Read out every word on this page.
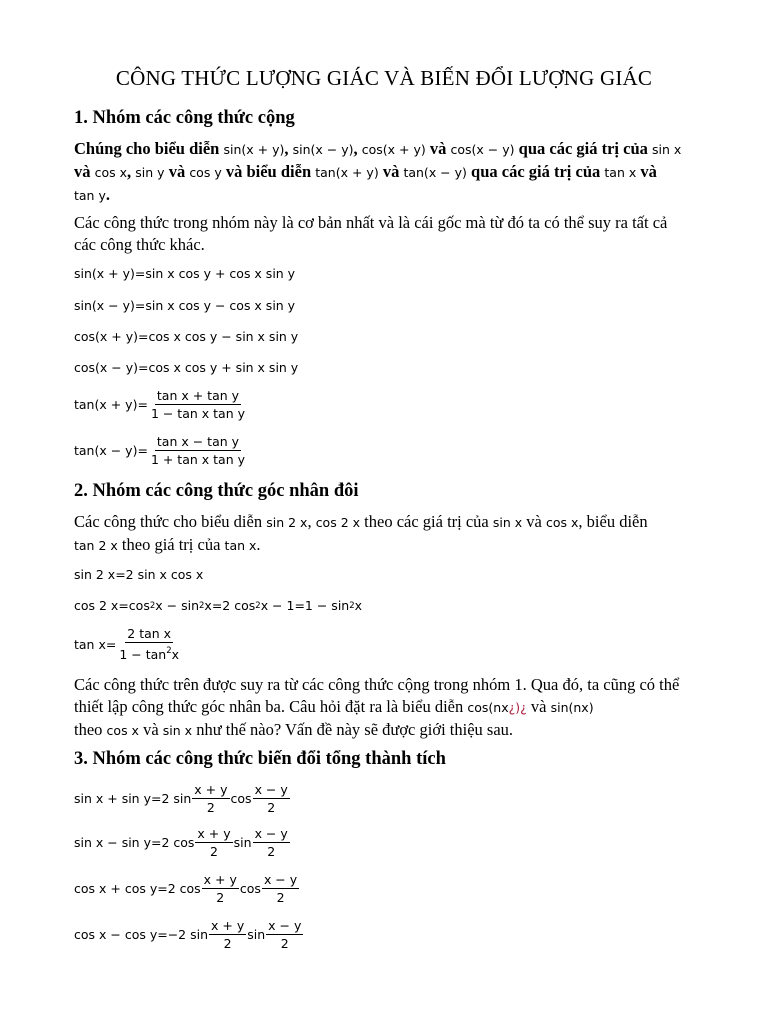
CÔNG THỨC LƯỢNG GIÁC VÀ BIẾN ĐỔI LƯỢNG GIÁC
1. Nhóm các công thức cộng
Chúng cho biểu diễn sin(x + y), sin(x − y), cos(x + y) và cos(x − y) qua các giá trị của sin x
và cos x, sin y và cos y và biểu diễn tan(x + y) và tan(x − y) qua các giá trị của tan x và
tan y.
Các công thức trong nhóm này là cơ bản nhất và là cái gốc mà từ đó ta có thể suy ra tất cả các công thức khác.
sin(x + y)=sin x cos y + cos x sin y
sin(x − y)=sin x cos y − cos x sin y
cos(x + y)=cos x cos y − sin x sin y
cos(x − y)=cos x cos y + sin x sin y
$\tan(x + y)= \frac{\text{tan x + tan y}}{\text{1 − tan x tan y}}$
$\tan(x - y)= \frac{\text{tan x − tan y}}{\text{1 + tan x tan y}}$
2. Nhóm các công thức góc nhân đôi
Các công thức cho biểu diễn sin 2 x, cos 2 x theo các giá trị của sin x và cos x, biểu diễn
tan 2 x theo giá trị của tan x.
sin 2 x=2 sin x cos x
cos 2 x=cos 2 x − sin 2 x=2 cos 2 x − 1=1 − sin 2 x
$\tan x= \frac{\text{2 tan x}}{1 - \tan^2x}$
Các công thức trên được suy ra từ các công thức cộng trong nhóm 1. Qua đó, ta cũng có thể thiết lập công thức góc nhân ba. Câu hỏi đặt ra là biểu diễn cos(nx¿)¿ và sin(nx)
theo cos x và sin x như thế nào? Vấn đề này sẽ được giới thiệu sau.
3. Nhóm các công thức biến đổi tổng thành tích
sin x + sin y=2 $\sin \frac{x + y}{2}$ $\cos \frac{x - y}{2}$
sin x − sin y=2 $\cos \frac{x + y}{2}$ $\sin \frac{x - y}{2}$
cos x + cos y=2 $\cos \frac{x + y}{2}$ $\cos \frac{x - y}{2}$
cos x − cos y=−2 $\sin \frac{x + y}{2}$ $\sin \frac{x - y}{2}$
